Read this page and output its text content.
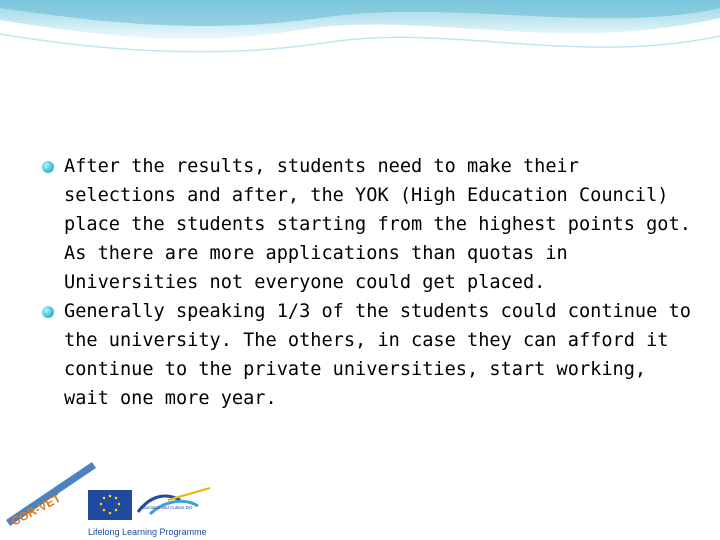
After the results, students need to make their selections and after, the YOK (High Education Council) place the students starting from the highest points got. As there are more applications than quotas in Universities not everyone could get placed.

Generally speaking 1/3 of the students could continue to the university. The others, in case they can afford it continue to the private universities, start working, wait one more year.

COR-VET	Education and Culture DG
Lifelong Learning Programme
